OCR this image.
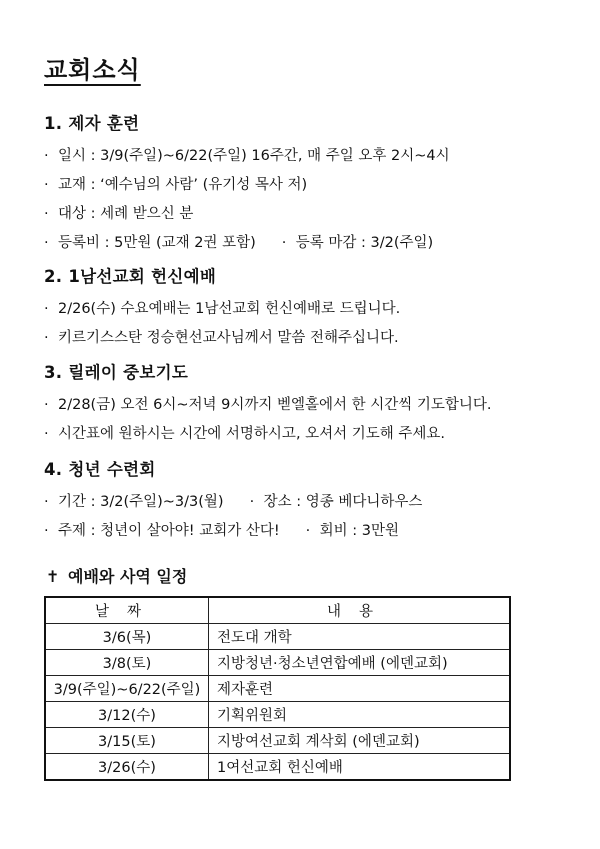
교회소식
1. 제자 훈련
· 일시 : 3/9(주일)~6/22(주일) 16주간, 매 주일 오후 2시~4시
· 교재 : ‘예수님의 사람’ (유기성 목사 저)
· 대상 : 세례 받으신 분
· 등록비 : 5만원 (교재 2권 포함) · 등록 마감 : 3/2(주일)
2. 1남선교회 헌신예배
· 2/26(수) 수요예배는 1남선교회 헌신예배로 드립니다.
· 키르기스스탄 정승현선교사님께서 말씀 전해주십니다.
3. 릴레이 중보기도
· 2/28(금) 오전 6시~저녁 9시까지 벧엘홀에서 한 시간씩 기도합니다.
· 시간표에 원하시는 시간에 서명하시고, 오셔서 기도해 주세요.
4. 청년 수련회
· 기간 : 3/2(주일)~3/3(월) · 장소 : 영종 베다니하우스
· 주제 : 청년이 살아야! 교회가 산다! · 회비 : 3만원
✝ 예배와 사역 일정
날짜	내용
3/6(목)	전도대 개학
3/8(토)	지방청년·청소년연합예배 (에덴교회)
3/9(주일)~6/22(주일)	제자훈련
3/12(수)	기획위원회
3/15(토)	지방여선교회 계삭회 (에덴교회)
3/26(수)	1여선교회 헌신예배
